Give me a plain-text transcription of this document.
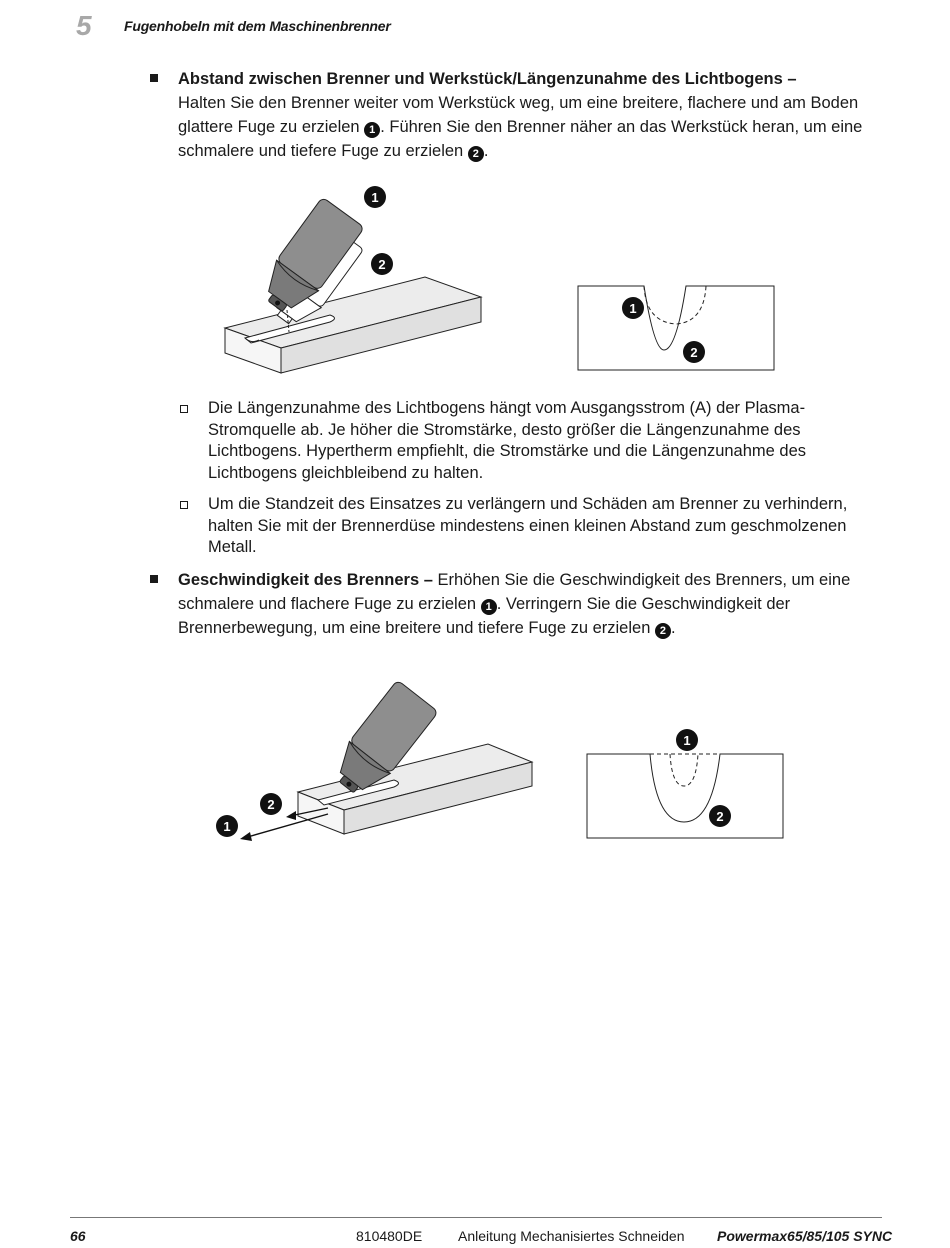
5 Fugenhobeln mit dem Maschinenbrenner
Abstand zwischen Brenner und Werkstück/Längenzunahme des Lichtbogens –
Halten Sie den Brenner weiter vom Werkstück weg, um eine breitere, flachere und am Boden glattere Fuge zu erzielen 1 . Führen Sie den Brenner näher an das Werkstück heran, um eine schmalere und tiefere Fuge zu erzielen 2 .
1
2
1
2
Die Längenzunahme des Lichtbogens hängt vom Ausgangsstrom (A) der Plasma-Stromquelle ab. Je höher die Stromstärke, desto größer die Längenzunahme des Lichtbogens. Hypertherm empfiehlt, die Stromstärke und die Längenzunahme des Lichtbogens gleichbleibend zu halten.
Um die Standzeit des Einsatzes zu verlängern und Schäden am Brenner zu verhindern, halten Sie mit der Brennerdüse mindestens einen kleinen Abstand zum geschmolzenen Metall.
Geschwindigkeit des Brenners – Erhöhen Sie die Geschwindigkeit des Brenners, um eine schmalere und flachere Fuge zu erzielen 1 . Verringern Sie die Geschwindigkeit der Brennerbewegung, um eine breitere und tiefere Fuge zu erzielen 2 .
2
1
1
2
66	810480DE	Anleitung Mechanisiertes Schneiden Powermax65/85/105 SYNC
